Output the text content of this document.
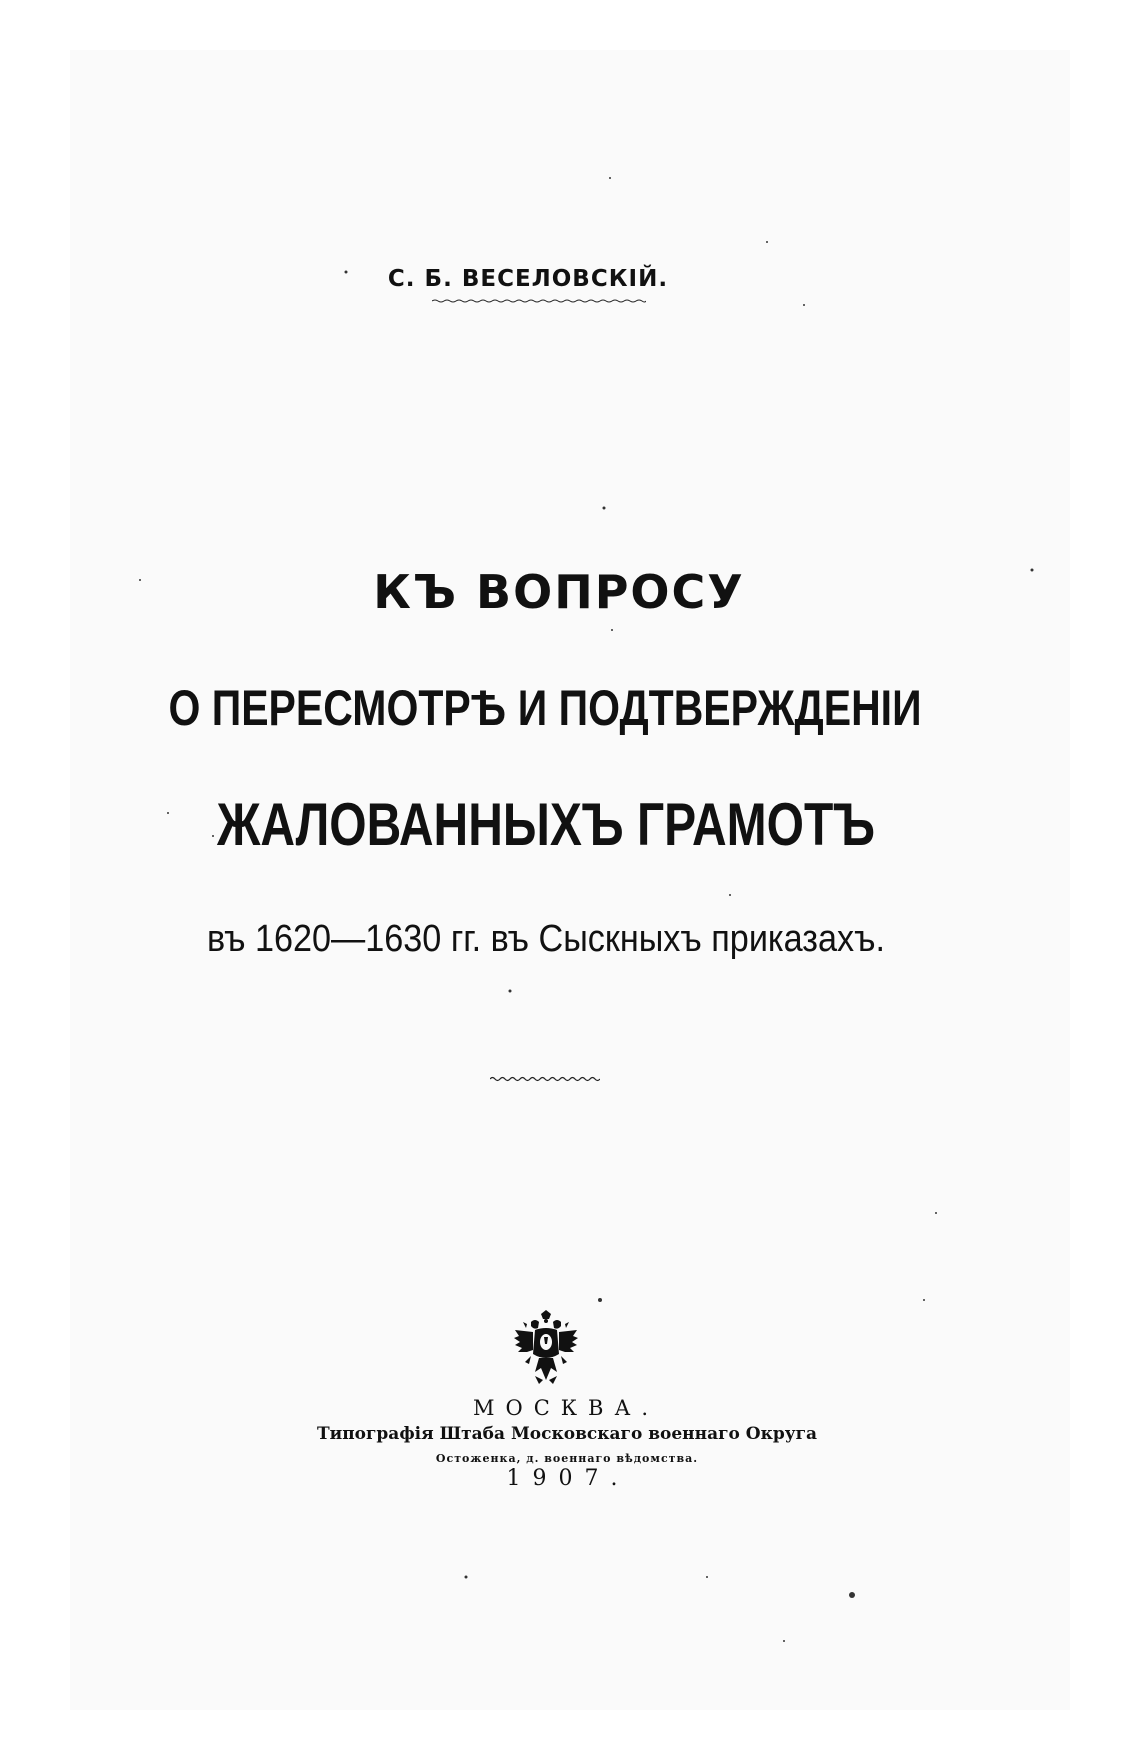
С. Б. ВЕСЕЛОВСКІЙ.
КЪ ВОПРОСУ
О ПЕРЕСМОТРѢ И ПОДТВЕРЖДЕНІИ
ЖАЛОВАННЫХЪ ГРАМОТЪ
въ 1620—1630 гг. въ Сыскныхъ приказахъ.
МОСКВА.
Типографія Штаба Московскаго военнаго Округа
Остоженка, д. военнаго вѣдомства.
1907.
